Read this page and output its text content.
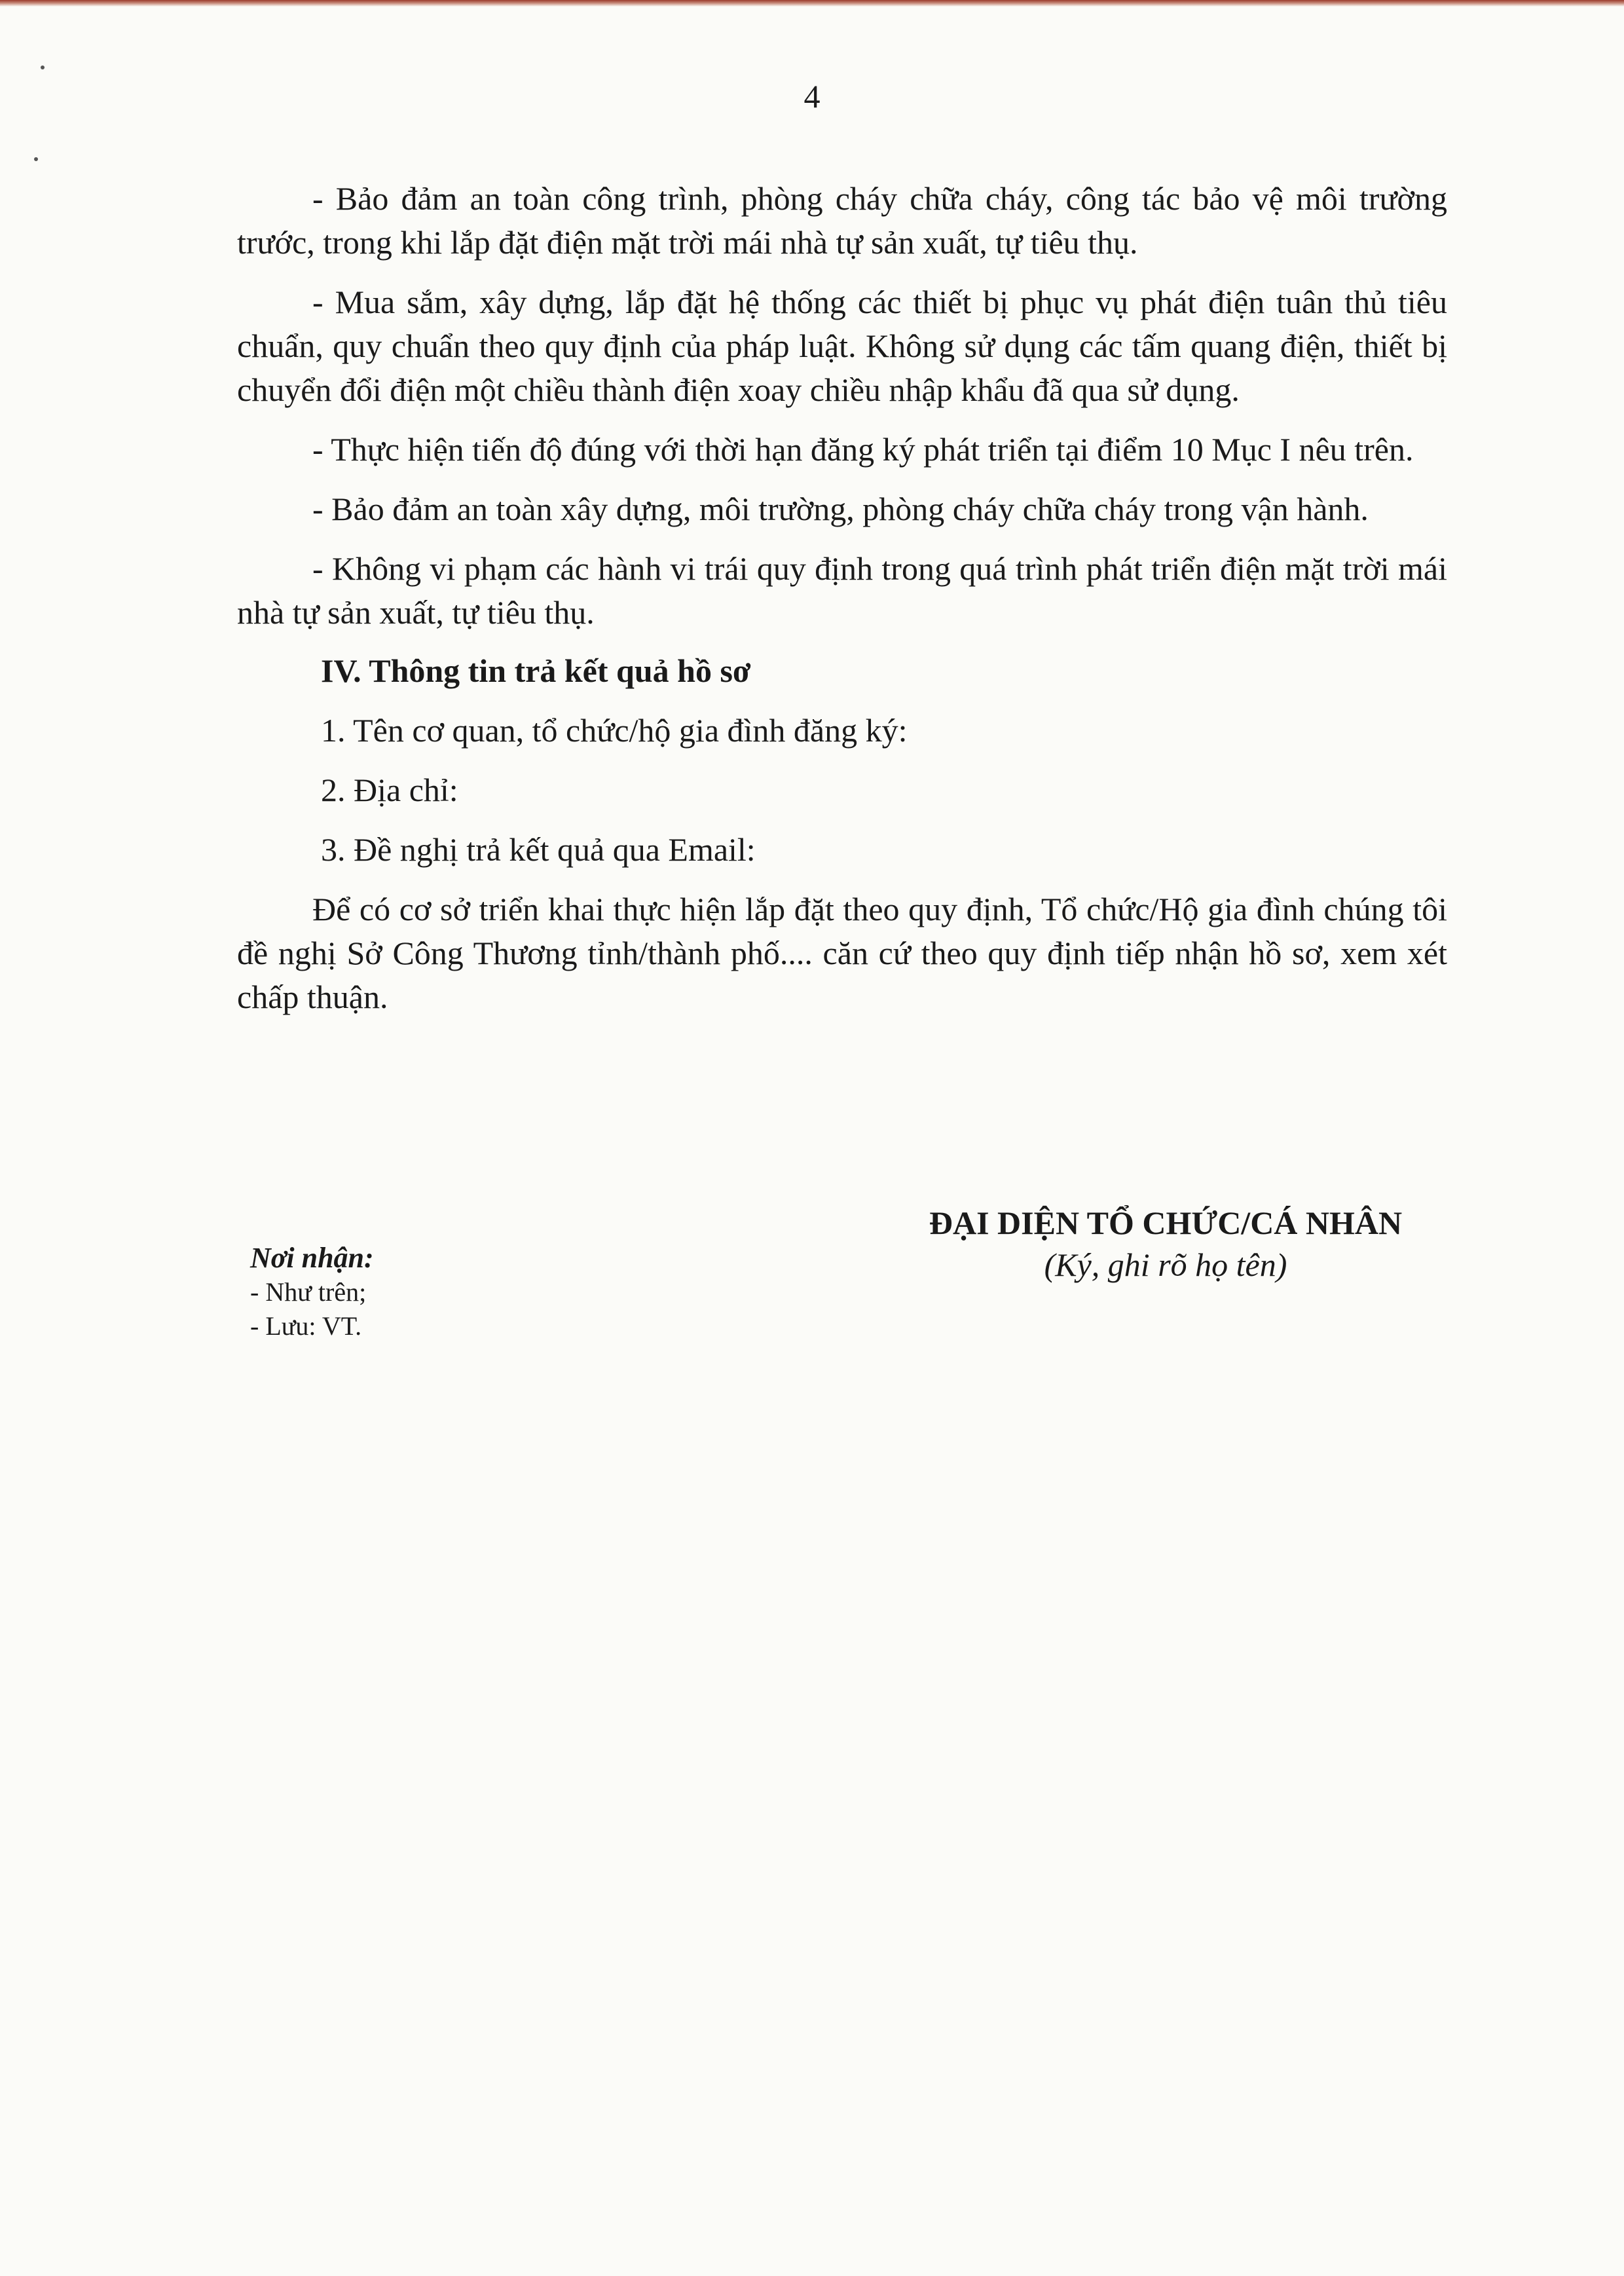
4

- Bảo đảm an toàn công trình, phòng cháy chữa cháy, công tác bảo vệ môi trường trước, trong khi lắp đặt điện mặt trời mái nhà tự sản xuất, tự tiêu thụ.

- Mua sắm, xây dựng, lắp đặt hệ thống các thiết bị phục vụ phát điện tuân thủ tiêu chuẩn, quy chuẩn theo quy định của pháp luật. Không sử dụng các tấm quang điện, thiết bị chuyển đổi điện một chiều thành điện xoay chiều nhập khẩu đã qua sử dụng.

- Thực hiện tiến độ đúng với thời hạn đăng ký phát triển tại điểm 10 Mục I nêu trên.

- Bảo đảm an toàn xây dựng, môi trường, phòng cháy chữa cháy trong vận hành.

- Không vi phạm các hành vi trái quy định trong quá trình phát triển điện mặt trời mái nhà tự sản xuất, tự tiêu thụ.

IV. Thông tin trả kết quả hồ sơ

1. Tên cơ quan, tổ chức/hộ gia đình đăng ký:

2. Địa chỉ:

3. Đề nghị trả kết quả qua Email:

Để có cơ sở triển khai thực hiện lắp đặt theo quy định, Tổ chức/Hộ gia đình chúng tôi đề nghị Sở Công Thương tỉnh/thành phố.... căn cứ theo quy định tiếp nhận hồ sơ, xem xét chấp thuận.

Nơi nhận:
- Như trên;
- Lưu: VT.
ĐẠI DIỆN TỔ CHỨC/CÁ NHÂN
(Ký, ghi rõ họ tên)
